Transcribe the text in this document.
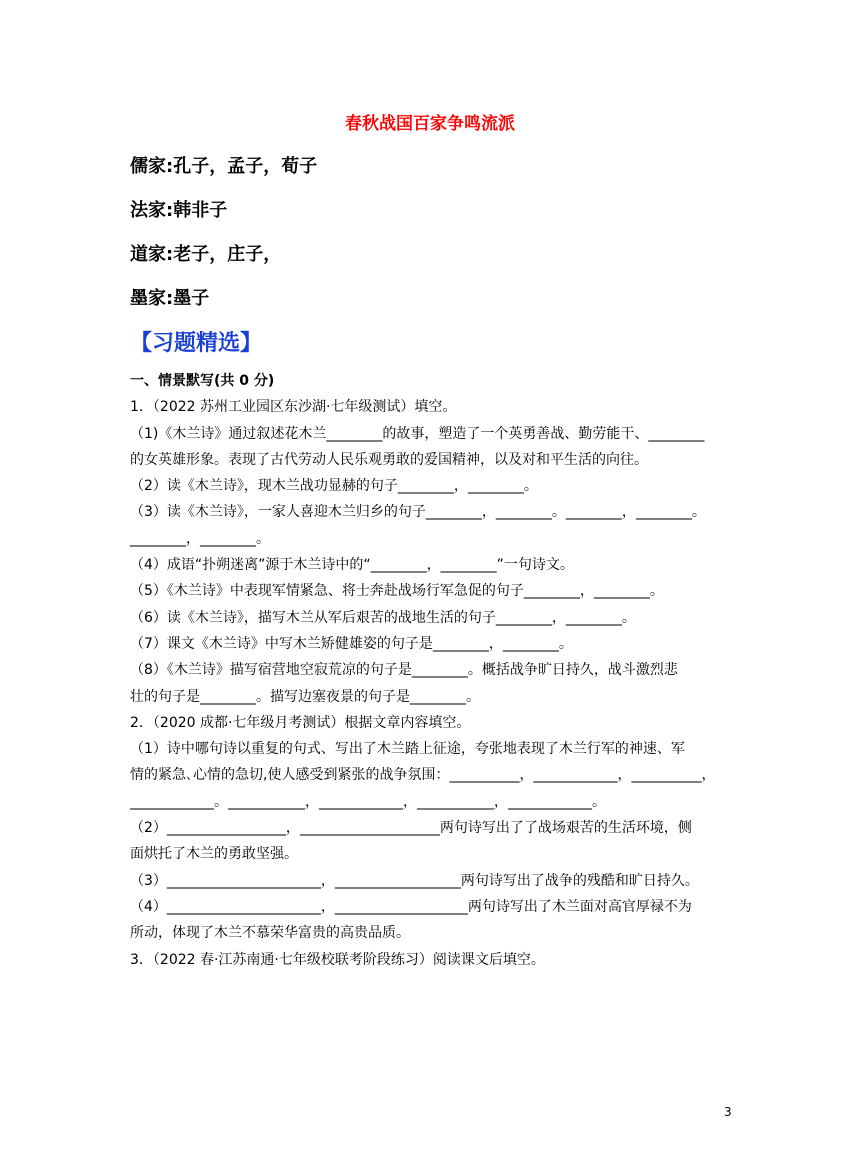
春秋战国百家争鸣流派
儒家:孔子，孟子，荀子
法家:韩非子
道家:老子，庄子，
墨家:墨子
【习题精选】

一、情景默写(共 0 分)

1．（2022 苏州工业园区东沙湖·七年级测试）填空。

（1)《木兰诗》通过叙述花木兰________的故事，塑造了一个英勇善战、勤劳能干、________

的女英雄形象。表现了古代劳动人民乐观勇敢的爱国精神，以及对和平生活的向往。

（2）读《木兰诗》，现木兰战功显赫的句子________，________。

（3）读《木兰诗》，一家人喜迎木兰归乡的句子________，________。________，________。

________，________。

（4）成语“扑朔迷离”源于木兰诗中的“________，________”一句诗文。

（5）《木兰诗》中表现军情紧急、将士奔赴战场行军急促的句子________，________。

（6）读《木兰诗》，描写木兰从军后艰苦的战地生活的句子________，________。

（7）课文《木兰诗》中写木兰矫健雄姿的句子是________，________。

（8）《木兰诗》描写宿营地空寂荒凉的句子是________。概括战争旷日持久，战斗激烈悲

壮的句子是________。描写边塞夜景的句子是________。

2．（2020 成都·七年级月考测试）根据文章内容填空。

（1）诗中哪句诗以重复的句式、写出了木兰踏上征途，夸张地表现了木兰行军的神速、军

情的紧急､心情的急切,使人感受到紧张的战争氛围：__________，____________，__________，

____________。___________，____________，___________，____________。

（2）_________________，____________________两句诗写出了了战场艰苦的生活环境，侧

面烘托了木兰的勇敢坚强。

（3）______________________，__________________两句诗写出了战争的残酷和旷日持久。

（4）______________________，___________________两句诗写出了木兰面对高官厚禄不为

所动，体现了木兰不慕荣华富贵的高贵品质。

3．（2022 春·江苏南通·七年级校联考阶段练习）阅读课文后填空。

3
